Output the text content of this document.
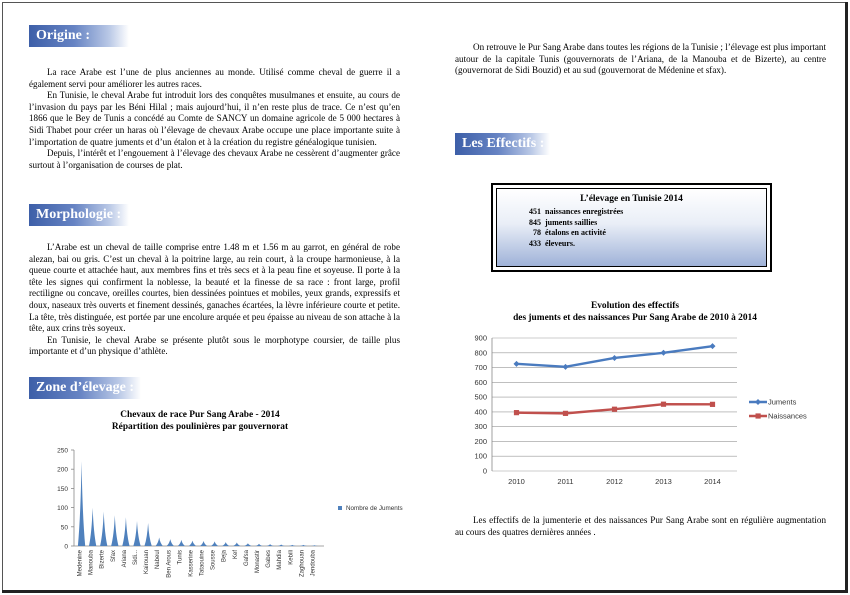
Origine :

La race Arabe est l’une de plus anciennes au monde. Utilisé comme cheval de guerre il a également servi pour améliorer les autres races.

En Tunisie, le cheval Arabe fut introduit lors des conquêtes musulmanes et ensuite, au cours de l’invasion du pays par les Béni Hilal ; mais aujourd’hui, il n’en reste plus de trace. Ce n’est qu’en 1866 que le Bey de Tunis a concédé au Comte de SANCY un domaine agricole de 5 000 hectares à Sidi Thabet pour créer un haras où l’élevage de chevaux Arabe occupe une place importante suite à l’importation de quatre juments et d’un étalon et à la création du registre généalogique tunisien.

Depuis, l’intérêt et l’engouement à l’élevage des chevaux Arabe ne cessèrent d’augmenter grâce surtout à l’organisation de courses de plat.

Morphologie :

L’Arabe est un cheval de taille comprise entre 1.48 m et 1.56 m au garrot, en général de robe alezan, bai ou gris. C’est un cheval à la poitrine large, au rein court, à la croupe harmonieuse, à la queue courte et attachée haut, aux membres fins et très secs et à la peau fine et soyeuse. Il porte à la tête les signes qui confirment la noblesse, la beauté et la finesse de sa race : front large, profil rectiligne ou concave, oreilles courtes, bien dessinées pointues et mobiles, yeux grands, expressifs et doux, naseaux très ouverts et finement dessinés, ganaches écartées, la lèvre inférieure courte et petite. La tête, très distinguée, est portée par une encolure arquée et peu épaisse au niveau de son attache à la tête, aux crins très soyeux.

En Tunisie, le cheval Arabe se présente plutôt sous le morphotype coursier, de taille plus importante et d’un physique d’athlète.

Zone d’élevage :
Chevaux de race Pur Sang Arabe - 2014
Répartition des poulinières par gouvernorat
0
50
100
150
200
250
Medenine Manouba Bizerte Sfax Ariana Sidi... Kairouan Nabeul Ben Arous Tunis Kasserine Tataouine Sousse Beja Kef Gafsa Monastir Gabes Mahdia Kebili Zaghouan Jendouba
Nombre de Juments

On retrouve le Pur Sang Arabe dans toutes les régions de la Tunisie ; l’élevage est plus important autour de la capitale Tunis (gouvernorats de l’Ariana, de la Manouba et de Bizerte), au centre (gouvernorat de Sidi Bouzid) et au sud (gouvernorat de Médenine et sfax).

Les Effectifs :
L’élevage en Tunisie 2014
451 naissances enregistrées
845 juments saillies
78 étalons en activité
433 éleveurs.
Evolution des effectifs
des juments et des naissances Pur Sang Arabe de 2010 à 2014
0
100
200
300
400
500
600
700
800
900
2010	2011	2012	2013	2014
Juments
Naissances

Les effectifs de la jumenterie et des naissances Pur Sang Arabe sont en régulière augmentation au cours des quatres dernières années .
